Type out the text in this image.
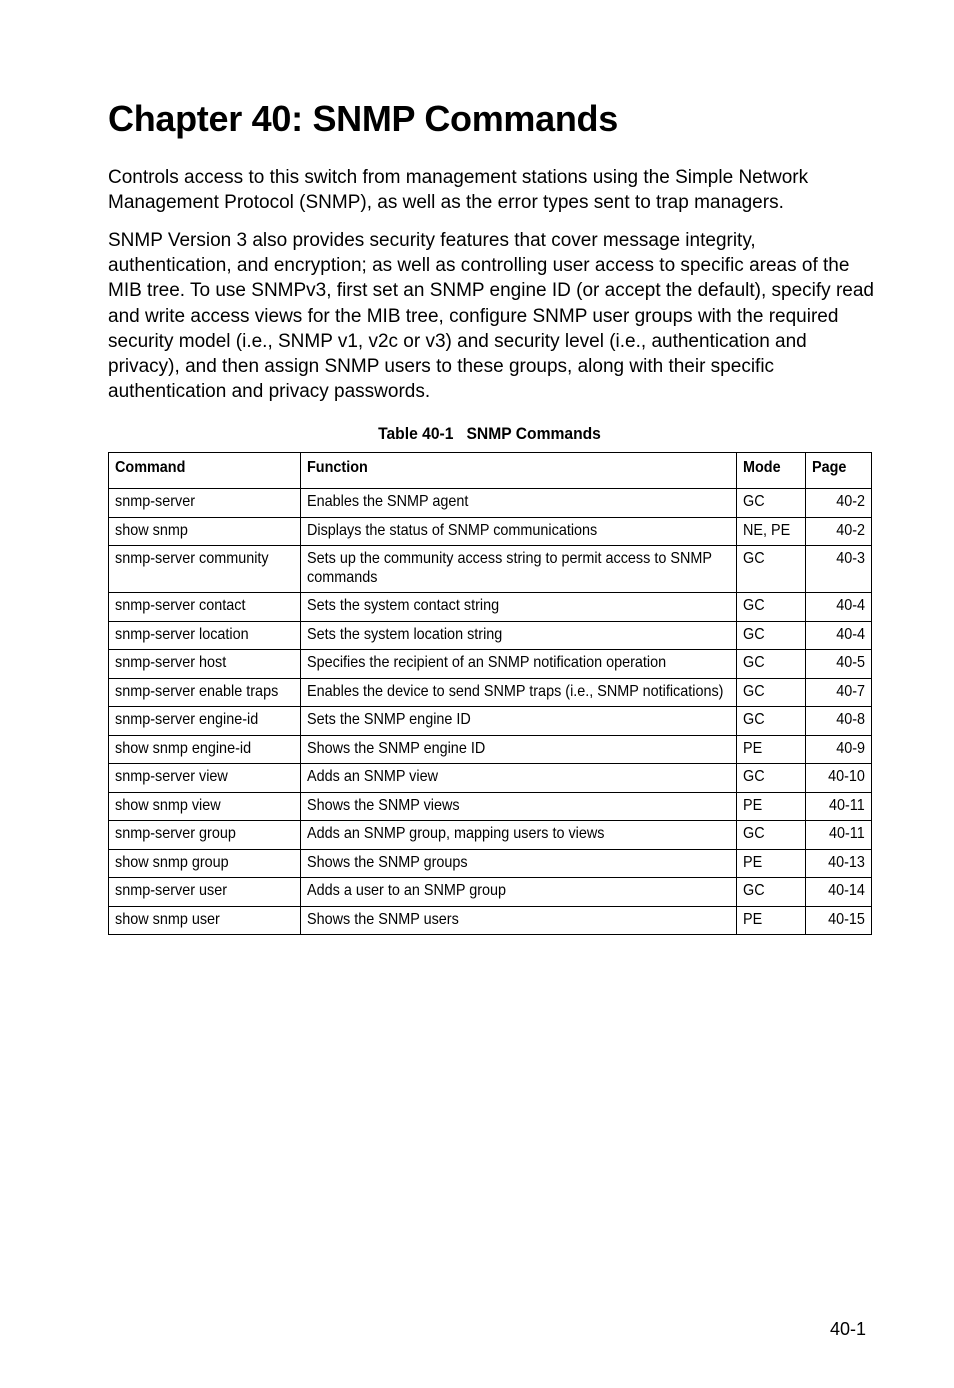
Chapter 40: SNMP Commands

Controls access to this switch from management stations using the Simple Network Management Protocol (SNMP), as well as the error types sent to trap managers.

SNMP Version 3 also provides security features that cover message integrity, authentication, and encryption; as well as controlling user access to specific areas of the MIB tree. To use SNMPv3, first set an SNMP engine ID (or accept the default), specify read and write access views for the MIB tree, configure SNMP user groups with the required security model (i.e., SNMP v1, v2c or v3) and security level (i.e., authentication and privacy), and then assign SNMP users to these groups, along with their specific authentication and privacy passwords.

Table 40-1   SNMP Commands
Command	Function	Mode	Page
snmp-server	Enables the SNMP agent	GC	40-2
show snmp	Displays the status of SNMP communications	NE, PE	40-2
snmp-server community	Sets up the community access string to permit access to SNMP commands	GC	40-3
snmp-server contact	Sets the system contact string	GC	40-4
snmp-server location	Sets the system location string	GC	40-4
snmp-server host	Specifies the recipient of an SNMP notification operation	GC	40-5
snmp-server enable traps	Enables the device to send SNMP traps (i.e., SNMP notifications)	GC	40-7
snmp-server engine-id	Sets the SNMP engine ID	GC	40-8
show snmp engine-id	Shows the SNMP engine ID	PE	40-9
snmp-server view	Adds an SNMP view	GC	40-10
show snmp view	Shows the SNMP views	PE	40-11
snmp-server group	Adds an SNMP group, mapping users to views	GC	40-11
show snmp group	Shows the SNMP groups	PE	40-13
snmp-server user	Adds a user to an SNMP group	GC	40-14
show snmp user	Shows the SNMP users	PE	40-15
40-1
